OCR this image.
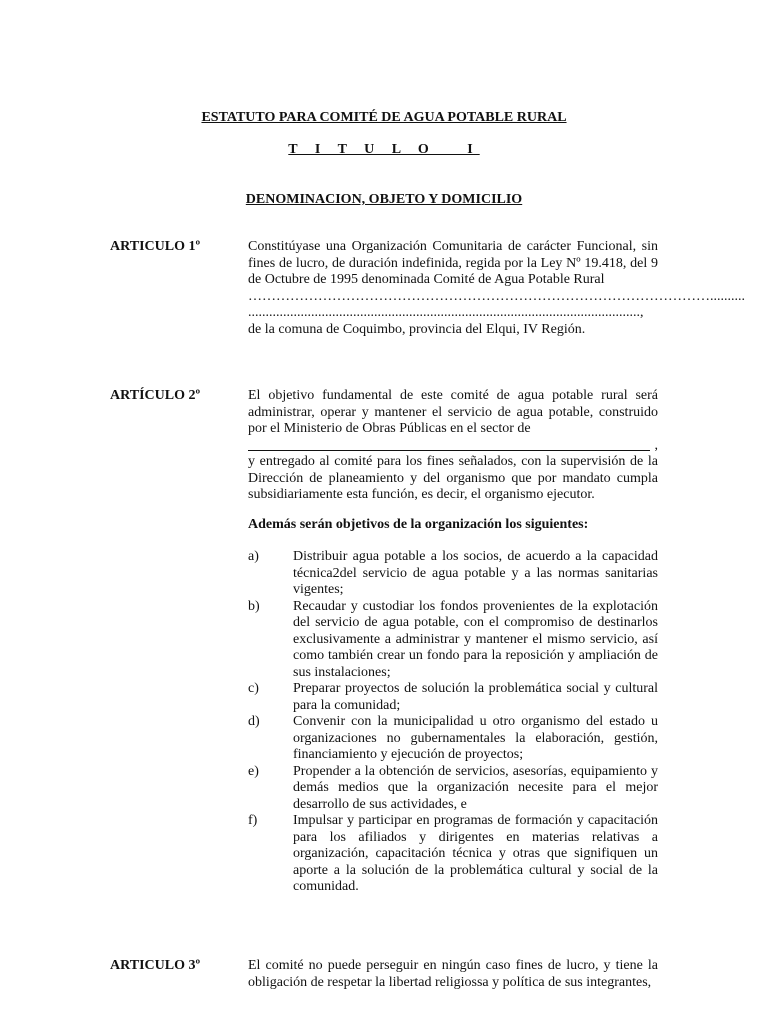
ESTATUTO PARA COMITÉ DE AGUA POTABLE RURAL
T I T U L O   I
DENOMINACION, OBJETO Y DOMICILIO
ARTICULO 1º	Constitúyase una Organización Comunitaria de carácter Funcional, sin fines de lucro, de duración indefinida, regida por la Ley Nº 19.418, del 9 de Octubre de 1995 denominada Comité de Agua Potable Rural

………………………………………………………………………………………..........
................................................................................................................,

de la comuna de Coquimbo, provincia del Elqui, IV Región.

ARTÍCULO 2º	El objetivo fundamental de este comité de agua potable rural será administrar, operar y mantener el servicio de agua potable, construido por el Ministerio de Obras Públicas en el sector de

,

y entregado al comité para los fines señalados, con la supervisión de la Dirección de planeamiento y del organismo que por mandato cumpla subsidiariamente esta función, es decir, el organismo ejecutor.

Además serán objetivos de la organización los siguientes:
a) Distribuir agua potable a los socios, de acuerdo a la capacidad técnica2del servicio de agua potable y a las normas sanitarias vigentes;
b) Recaudar y custodiar los fondos provenientes de la explotación del servicio de agua potable, con el compromiso de destinarlos exclusivamente a administrar y mantener el mismo servicio, así como también crear un fondo para la reposición y ampliación de sus instalaciones;
c) Preparar proyectos de solución la problemática social y cultural para la comunidad;
d) Convenir con la municipalidad u otro organismo del estado u organizaciones no gubernamentales la elaboración, gestión, financiamiento y ejecución de proyectos;
e) Propender a la obtención de servicios, asesorías, equipamiento y demás medios que la organización necesite para el mejor desarrollo de sus actividades, e
f)	Impulsar y participar en programas de formación y capacitación para los afiliados y dirigentes en materias relativas a organización, capacitación técnica y otras que signifiquen un aporte a la solución de la problemática cultural y social de la comunidad.
ARTICULO 3º	El comité no puede perseguir en ningún caso fines de lucro, y tiene la obligación de respetar la libertad religiossa y política de sus integrantes,
